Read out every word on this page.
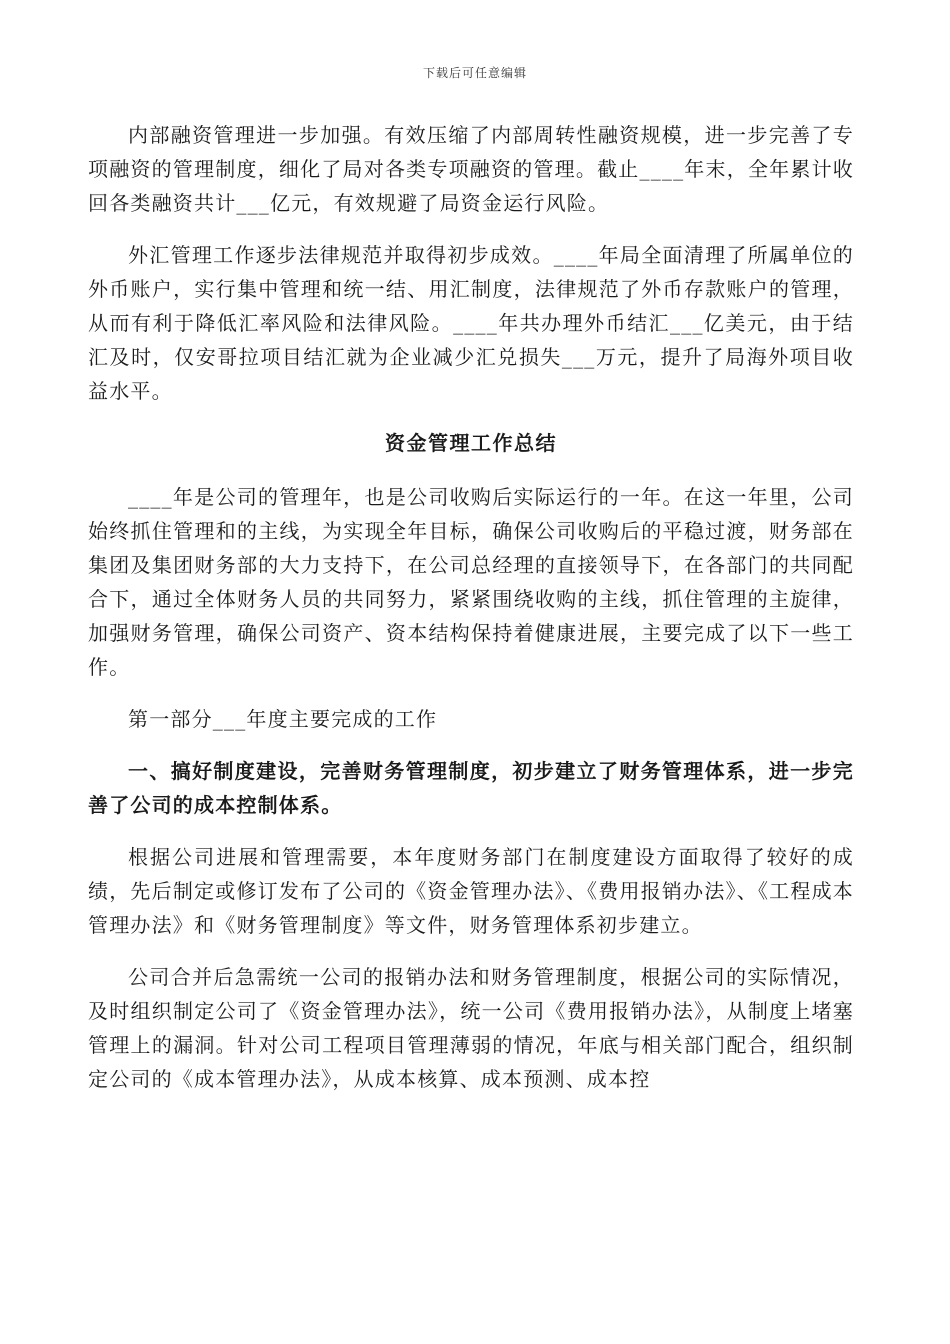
下载后可任意编辑

内部融资管理进一步加强。有效压缩了内部周转性融资规模，进一步完善了专项融资的管理制度，细化了局对各类专项融资的管理。截止____年末，全年累计收回各类融资共计___亿元，有效规避了局资金运行风险。

外汇管理工作逐步法律规范并取得初步成效。____年局全面清理了所属单位的外币账户，实行集中管理和统一结、用汇制度，法律规范了外币存款账户的管理，从而有利于降低汇率风险和法律风险。____年共办理外币结汇___亿美元，由于结汇及时，仅安哥拉项目结汇就为企业减少汇兑损失___万元，提升了局海外项目收益水平。

资金管理工作总结

____年是公司的管理年，也是公司收购后实际运行的一年。在这一年里，公司始终抓住管理和的主线，为实现全年目标，确保公司收购后的平稳过渡，财务部在集团及集团财务部的大力支持下，在公司总经理的直接领导下，在各部门的共同配合下，通过全体财务人员的共同努力，紧紧围绕收购的主线，抓住管理的主旋律，加强财务管理，确保公司资产、资本结构保持着健康进展，主要完成了以下一些工作。

第一部分___年度主要完成的工作

一、搞好制度建设，完善财务管理制度，初步建立了财务管理体系，进一步完善了公司的成本控制体系。

根据公司进展和管理需要，本年度财务部门在制度建设方面取得了较好的成绩，先后制定或修订发布了公司的《资金管理办法》、《费用报销办法》、《工程成本管理办法》和《财务管理制度》等文件，财务管理体系初步建立。

公司合并后急需统一公司的报销办法和财务管理制度，根据公司的实际情况，及时组织制定公司了《资金管理办法》，统一公司《费用报销办法》，从制度上堵塞管理上的漏洞。针对公司工程项目管理薄弱的情况，年底与相关部门配合，组织制定公司的《成本管理办法》，从成本核算、成本预测、成本控
